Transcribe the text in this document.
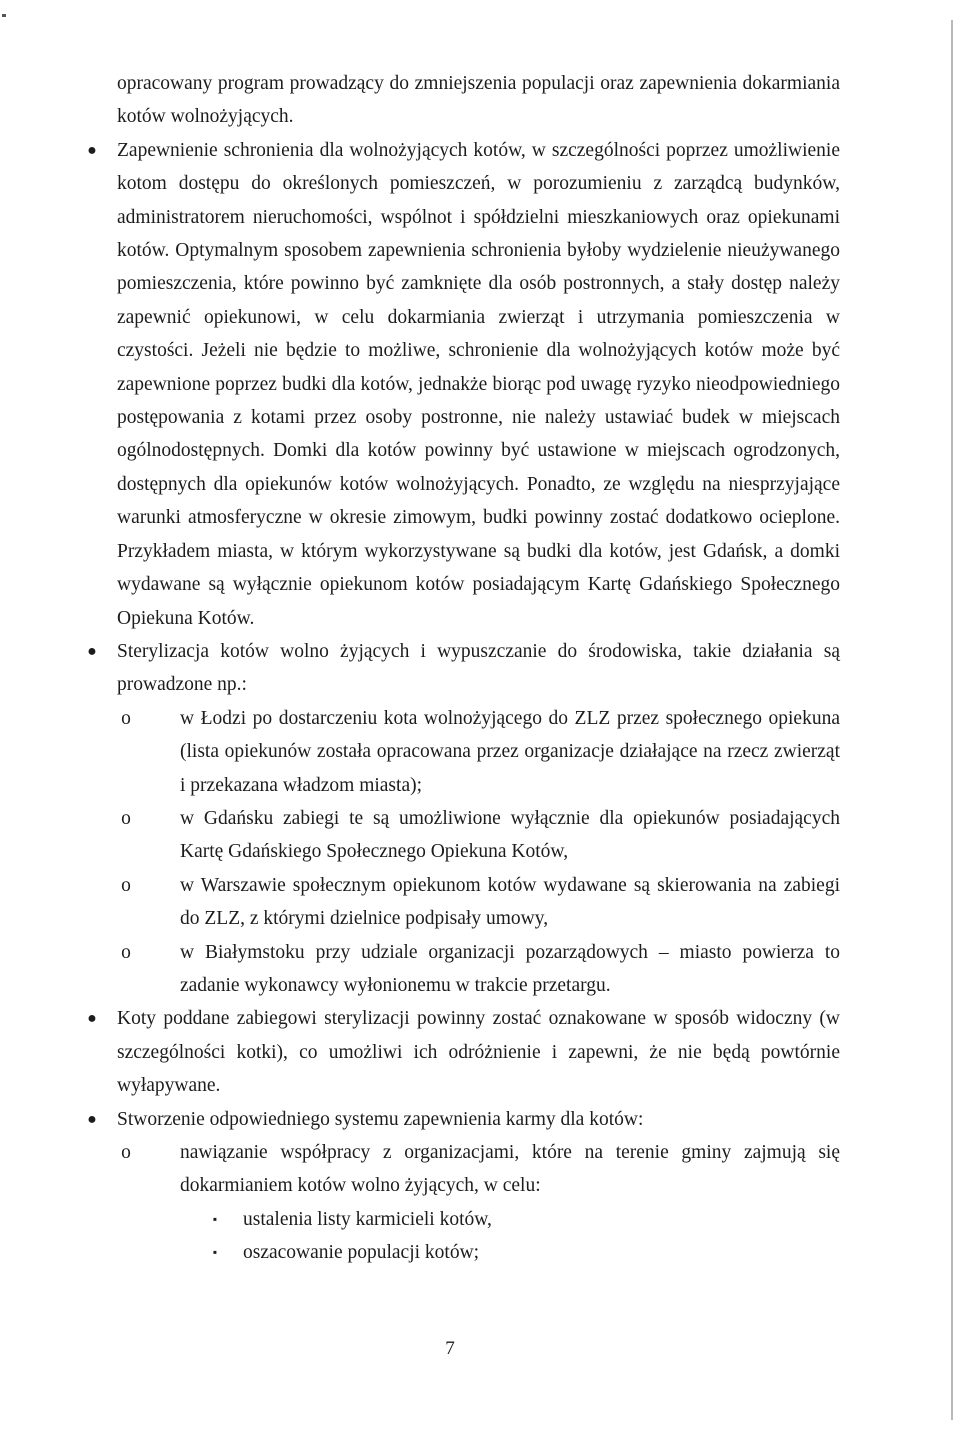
opracowany program prowadzący do zmniejszenia populacji oraz zapewnienia dokarmiania kotów wolnożyjących.

● Zapewnienie schronienia dla wolnożyjących kotów, w szczególności poprzez umożliwienie kotom dostępu do określonych pomieszczeń, w porozumieniu z zarządcą budynków, administratorem nieruchomości, wspólnot i spółdzielni mieszkaniowych oraz opiekunami kotów. Optymalnym sposobem zapewnienia schronienia byłoby wydzielenie nieużywanego pomieszczenia, które powinno być zamknięte dla osób postronnych, a stały dostęp należy zapewnić opiekunowi, w celu dokarmiania zwierząt i utrzymania pomieszczenia w czystości. Jeżeli nie będzie to możliwe, schronienie dla wolnożyjących kotów może być zapewnione poprzez budki dla kotów, jednakże biorąc pod uwagę ryzyko nieodpowiedniego postępowania z kotami przez osoby postronne, nie należy ustawiać budek w miejscach ogólnodostępnych. Domki dla kotów powinny być ustawione w miejscach ogrodzonych, dostępnych dla opiekunów kotów wolnożyjących. Ponadto, ze względu na niesprzyjające warunki atmosferyczne w okresie zimowym, budki powinny zostać dodatkowo ocieplone. Przykładem miasta, w którym wykorzystywane są budki dla kotów, jest Gdańsk, a domki wydawane są wyłącznie opiekunom kotów posiadającym Kartę Gdańskiego Społecznego Opiekuna Kotów.
● Sterylizacja kotów wolno żyjących i wypuszczanie do środowiska, takie działania są prowadzone np.:
o	w Łodzi po dostarczeniu kota wolnożyjącego do ZLZ przez społecznego opiekuna (lista opiekunów została opracowana przez organizacje działające na rzecz zwierząt i przekazana władzom miasta);
o	w Gdańsku zabiegi te są umożliwione wyłącznie dla opiekunów posiadających Kartę Gdańskiego Społecznego Opiekuna Kotów,
o	w Warszawie społecznym opiekunom kotów wydawane są skierowania na zabiegi do ZLZ, z którymi dzielnice podpisały umowy,
o	w Białymstoku przy udziale organizacji pozarządowych – miasto powierza to zadanie wykonawcy wyłonionemu w trakcie przetargu.
● Koty poddane zabiegowi sterylizacji powinny zostać oznakowane w sposób widoczny (w szczególności kotki), co umożliwi ich odróżnienie i zapewni, że nie będą powtórnie wyłapywane.
● Stworzenie odpowiedniego systemu zapewnienia karmy dla kotów:
o	nawiązanie współpracy z organizacjami, które na terenie gminy zajmują się dokarmianiem kotów wolno żyjących, w celu:
▪ ustalenia listy karmicieli kotów,
▪ oszacowanie populacji kotów;
7
